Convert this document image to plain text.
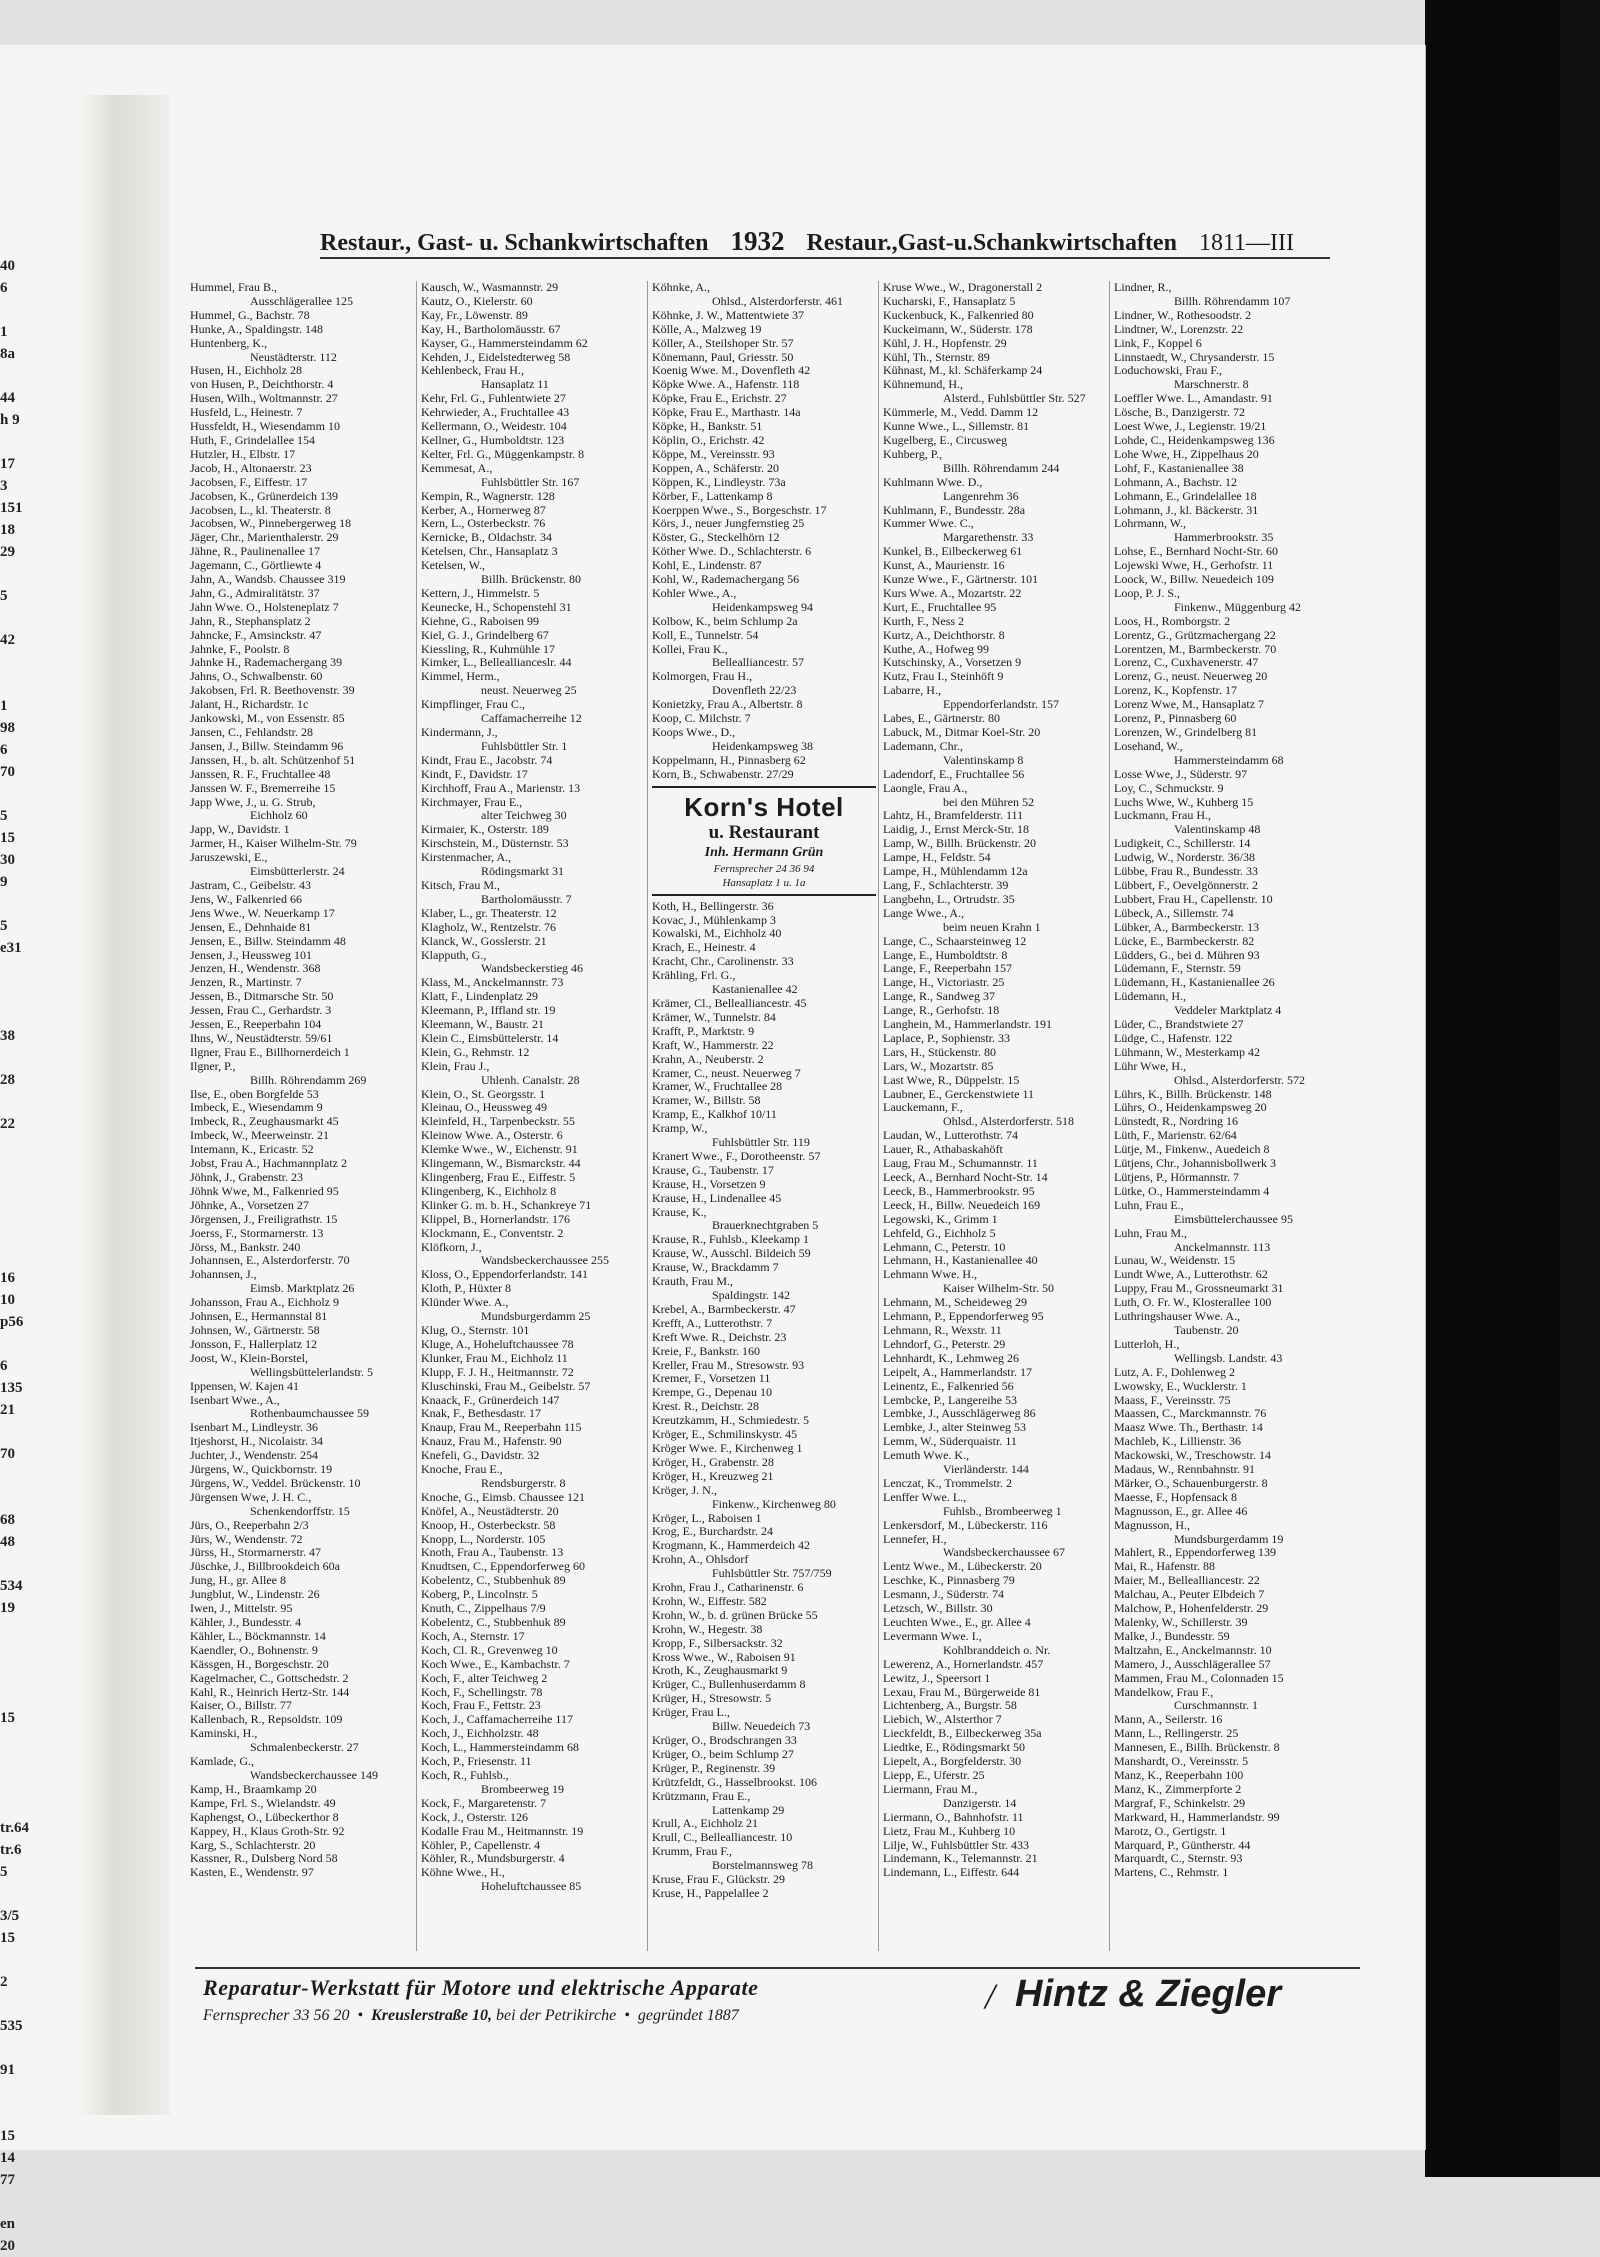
40
6
1
8a
44
h 9
17
3
151
18
29
5
42
1
98
6
70
5
15
30
9
5
e31
38
28
22
16
10
p56
6
135
21
70
68
48
534
19
15
tr.64
tr.6
5
3/5
15
2
535
91
15
14
77
en
20
Restaur., Gast- u. Schankwirtschaften 1932 Restaur.,Gast-u.Schankwirtschaften 1811—III
Hummel, Frau B.,
Ausschlägerallee 125
Hummel, G., Bachstr. 78
Hunke, A., Spaldingstr. 148
Huntenberg, K.,
Neustädterstr. 112
Husen, H., Eichholz 28
von Husen, P., Deichthorstr. 4
Husen, Wilh., Woltmannstr. 27
Husfeld, L., Heinestr. 7
Hussfeldt, H., Wiesendamm 10
Huth, F., Grindelallee 154
Hutzler, H., Elbstr. 17
Jacob, H., Altonaerstr. 23
Jacobsen, F., Eiffestr. 17
Jacobsen, K., Grünerdeich 139
Jacobsen, L., kl. Theaterstr. 8
Jacobsen, W., Pinnebergerweg 18
Jäger, Chr., Marienthalerstr. 29
Jähne, R., Paulinenallee 17
Jagemann, C., Görtliewte 4
Jahn, A., Wandsb. Chaussee 319
Jahn, G., Admiralitätstr. 37
Jahn Wwe. O., Holsteneplatz 7
Jahn, R., Stephansplatz 2
Jahncke, F., Amsinckstr. 47
Jahnke, F., Poolstr. 8
Jahnke H., Rademachergang 39
Jahns, O., Schwalbenstr. 60
Jakobsen, Frl. R. Beethovenstr. 39
Jalant, H., Richardstr. 1c
Jankowski, M., von Essenstr. 85
Jansen, C., Fehlandstr. 28
Jansen, J., Billw. Steindamm 96
Janssen, H., b. alt. Schützenhof 51
Janssen, R. F., Fruchtallee 48
Janssen W. F., Bremerreihe 15
Japp Wwe, J., u. G. Strub,
Eichholz 60
Japp, W., Davidstr. 1
Jarmer, H., Kaiser Wilhelm-Str. 79
Jaruszewski, E.,
Eimsbütterlerstr. 24
Jastram, C., Geibelstr. 43
Jens, W., Falkenried 66
Jens Wwe., W. Neuerkamp 17
Jensen, E., Dehnhaide 81
Jensen, E., Billw. Steindamm 48
Jensen, J., Heussweg 101
Jenzen, H., Wendenstr. 368
Jenzen, R., Martinstr. 7
Jessen, B., Ditmarsche Str. 50
Jessen, Frau C., Gerhardstr. 3
Jessen, E., Reeperbahn 104
Ihns, W., Neustädterstr. 59/61
Ilgner, Frau E., Billhornerdeich 1
Ilgner, P.,
Billh. Röhrendamm 269
Ilse, E., oben Borgfelde 53
Imbeck, E., Wiesendamm 9
Imbeck, R., Zeughausmarkt 45
Imbeck, W., Meerweinstr. 21
Intemann, K., Ericastr. 52
Jobst, Frau A., Hachmannplatz 2
Jöhnk, J., Grabenstr. 23
Jöhnk Wwe, M., Falkenried 95
Jöhnke, A., Vorsetzen 27
Jörgensen, J., Freiligrathstr. 15
Joerss, F., Stormarnerstr. 13
Jörss, M., Bankstr. 240
Johannsen, E., Alsterdorferstr. 70
Johannsen, J.,
Eimsb. Marktplatz 26
Johansson, Frau A., Eichholz 9
Johnsen, E., Hermannstal 81
Johnsen, W., Gärtnerstr. 58
Jonsson, F., Hallerplatz 12
Joost, W., Klein-Borstel,
Wellingsbüttelerlandstr. 5
Ippensen, W. Kajen 41
Isenbart Wwe., A.,
Rothenbaumchaussee 59
Isenbart M., Lindleystr. 36
Itjeshorst, H., Nicolaistr. 34
Juchter, J., Wendenstr. 254
Jürgens, W., Quickbornstr. 19
Jürgens, W., Veddel. Brückenstr. 10
Jürgensen Wwe, J. H. C.,
Schenkendorffstr. 15
Jürs, O., Reeperbahn 2/3
Jürs, W., Wendenstr. 72
Jürss, H., Stormarnerstr. 47
Jüschke, J., Billbrookdeich 60a
Jung, H., gr. Allee 8
Jungblut, W., Lindenstr. 26
Iwen, J., Mittelstr. 95
Kähler, J., Bundesstr. 4
Kähler, L., Böckmannstr. 14
Kaendler, O., Bohnenstr. 9
Kässgen, H., Borgeschstr. 20
Kagelmacher, C., Gottschedstr. 2
Kahl, R., Heinrich Hertz-Str. 144
Kaiser, O., Billstr. 77
Kallenbach, R., Repsoldstr. 109
Kaminski, H.,
Schmalenbeckerstr. 27
Kamlade, G.,
Wandsbeckerchaussee 149
Kamp, H., Braamkamp 20
Kampe, Frl. S., Wielandstr. 49
Kaphengst, O., Lübeckerthor 8
Kappey, H., Klaus Groth-Str. 92
Karg, S., Schlachterstr. 20
Kassner, R., Dulsberg Nord 58
Kasten, E., Wendenstr. 97
Kausch, W., Wasmannstr. 29
Kautz, O., Kielerstr. 60
Kay, Fr., Löwenstr. 89
Kay, H., Bartholomäusstr. 67
Kayser, G., Hammersteindamm 62
Kehden, J., Eidelstedterweg 58
Kehlenbeck, Frau H.,
Hansaplatz 11
Kehr, Frl. G., Fuhlentwiete 27
Kehrwieder, A., Fruchtallee 43
Kellermann, O., Weidestr. 104
Kellner, G., Humboldtstr. 123
Kelter, Frl. G., Müggenkampstr. 8
Kemmesat, A.,
Fuhlsbüttler Str. 167
Kempin, R., Wagnerstr. 128
Kerber, A., Hornerweg 87
Kern, L., Osterbeckstr. 76
Kernicke, B., Oldachstr. 34
Ketelsen, Chr., Hansaplatz 3
Ketelsen, W.,
Billh. Brückenstr. 80
Kettern, J., Himmelstr. 5
Keunecke, H., Schopenstehl 31
Kiehne, G., Raboisen 99
Kiel, G. J., Grindelberg 67
Kiessling, R., Kuhmühle 17
Kimker, L., Belleallianceslr. 44
Kimmel, Herm.,
neust. Neuerweg 25
Kimpflinger, Frau C.,
Caffamacherreihe 12
Kindermann, J.,
Fuhlsbüttler Str. 1
Kindt, Frau E., Jacobstr. 74
Kindt, F., Davidstr. 17
Kirchhoff, Frau A., Marienstr. 13
Kirchmayer, Frau E.,
alter Teichweg 30
Kirmaier, K., Osterstr. 189
Kirschstein, M., Düsternstr. 53
Kirstenmacher, A.,
Rödingsmarkt 31
Kitsch, Frau M.,
Bartholomäusstr. 7
Klaber, L., gr. Theaterstr. 12
Klagholz, W., Rentzelstr. 76
Klanck, W., Gosslerstr. 21
Klapputh, G.,
Wandsbeckerstieg 46
Klass, M., Anckelmannstr. 73
Klatt, F., Lindenplatz 29
Kleemann, P., Iffland str. 19
Kleemann, W., Baustr. 21
Klein C., Eimsbüttelerstr. 14
Klein, G., Rehmstr. 12
Klein, Frau J.,
Uhlenh. Canalstr. 28
Klein, O., St. Georgsstr. 1
Kleinau, O., Heussweg 49
Kleinfeld, H., Tarpenbeckstr. 55
Kleinow Wwe. A., Osterstr. 6
Klemke Wwe., W., Eichenstr. 91
Klingemann, W., Bismarckstr. 44
Klingenberg, Frau E., Eiffestr. 5
Klingenberg, K., Eichholz 8
Klinker G. m. b. H., Schankreye 71
Klippel, B., Hornerlandstr. 176
Klockmann, E., Conventstr. 2
Klöfkorn, J.,
Wandsbeckerchaussee 255
Kloss, O., Eppendorferlandstr. 141
Kloth, P., Hüxter 8
Klünder Wwe. A.,
Mundsburgerdamm 25
Klug, O., Sternstr. 101
Kluge, A., Hoheluftchaussee 78
Klunker, Frau M., Eichholz 11
Klupp, F. J. H., Heitmannstr. 72
Kluschinski, Frau M., Geibelstr. 57
Knaack, F., Grünerdeich 147
Knak, F., Bethesdastr. 17
Knaup, Frau M., Reeperbahn 115
Knauz, Frau M., Hafenstr. 90
Knefeli, G., Davidstr. 32
Knoche, Frau E.,
Rendsburgerstr. 8
Knoche, G., Eimsb. Chaussee 121
Knöfel, A., Neustädterstr. 20
Knoop, H., Osterbeckstr. 58
Knopp, L., Norderstr. 105
Knoth, Frau A., Taubenstr. 13
Knudtsen, C., Eppendorferweg 60
Kobelentz, C., Stubbenhuk 89
Koberg, P., Lincolnstr. 5
Knuth, C., Zippelhaus 7/9
Kobelentz, C., Stubbenhuk 89
Koch, A., Sternstr. 17
Koch, Cl. R., Grevenweg 10
Koch Wwe., E., Kambachstr. 7
Koch, F., alter Teichweg 2
Koch, F., Schellingstr. 78
Koch, Frau F., Fettstr. 23
Koch, J., Caffamacherreihe 117
Koch, J., Eichholzstr. 48
Koch, L., Hammersteindamm 68
Koch, P., Friesenstr. 11
Koch, R., Fuhlsb.,
Brombeerweg 19
Kock, F., Margaretenstr. 7
Kock, J., Osterstr. 126
Kodalle Frau M., Heitmannstr. 19
Köhler, P., Capellenstr. 4
Köhler, R., Mundsburgerstr. 4
Köhne Wwe., H.,
Hoheluftchaussee 85
Köhnke, A.,
Ohlsd., Alsterdorferstr. 461
Köhnke, J. W., Mattentwiete 37
Kölle, A., Malzweg 19
Köller, A., Steilshoper Str. 57
Könemann, Paul, Griesstr. 50
Koenig Wwe. M., Dovenfleth 42
Köpke Wwe. A., Hafenstr. 118
Köpke, Frau E., Erichstr. 27
Köpke, Frau E., Marthastr. 14a
Köpke, H., Bankstr. 51
Köplin, O., Erichstr. 42
Köppe, M., Vereinsstr. 93
Koppen, A., Schäferstr. 20
Köppen, K., Lindleystr. 73a
Körber, F., Lattenkamp 8
Koerppen Wwe., S., Borgeschstr. 17
Körs, J., neuer Jungfernstieg 25
Köster, G., Steckelhörn 12
Köther Wwe. D., Schlachterstr. 6
Kohl, E., Lindenstr. 87
Kohl, W., Rademachergang 56
Kohler Wwe., A.,
Heidenkampsweg 94
Kolbow, K., beim Schlump 2a
Koll, E., Tunnelstr. 54
Kollei, Frau K.,
Bellealliancestr. 57
Kolmorgen, Frau H.,
Dovenfleth 22/23
Konietzky, Frau A., Albertstr. 8
Koop, C. Milchstr. 7
Koops Wwe., D.,
Heidenkampsweg 38
Koppelmann, H., Pinnasberg 62
Korn, B., Schwabenstr. 27/29
Korn's Hotel
u. Restaurant
Inh. Hermann Grün
Fernsprecher 24 36 94
Hansaplatz 1 u. 1a
Koth, H., Bellingerstr. 36
Kovac, J., Mühlenkamp 3
Kowalski, M., Eichholz 40
Krach, E., Heinestr. 4
Kracht, Chr., Carolinenstr. 33
Krähling, Frl. G.,
Kastanienallee 42
Krämer, Cl., Bellealliancestr. 45
Krämer, W., Tunnelstr. 84
Krafft, P., Marktstr. 9
Kraft, W., Hammerstr. 22
Krahn, A., Neuberstr. 2
Kramer, C., neust. Neuerweg 7
Kramer, W., Fruchtallee 28
Kramer, W., Billstr. 58
Kramp, E., Kalkhof 10/11
Kramp, W.,
Fuhlsbüttler Str. 119
Kranert Wwe., F., Dorotheenstr. 57
Krause, G., Taubenstr. 17
Krause, H., Vorsetzen 9
Krause, H., Lindenallee 45
Krause, K.,
Brauerknechtgraben 5
Krause, R., Fuhlsb., Kleekamp 1
Krause, W., Ausschl. Bildeich 59
Krause, W., Brackdamm 7
Krauth, Frau M.,
Spaldingstr. 142
Krebel, A., Barmbeckerstr. 47
Krefft, A., Lutterothstr. 7
Kreft Wwe. R., Deichstr. 23
Kreie, F., Bankstr. 160
Kreller, Frau M., Stresowstr. 93
Kremer, F., Vorsetzen 11
Krempe, G., Depenau 10
Krest. R., Deichstr. 28
Kreutzkamm, H., Schmiedestr. 5
Kröger, E., Schmilinskystr. 45
Kröger Wwe. F., Kirchenweg 1
Kröger, H., Grabenstr. 28
Kröger, H., Kreuzweg 21
Kröger, J. N.,
Finkenw., Kirchenweg 80
Kröger, L., Raboisen 1
Krog, E., Burchardstr. 24
Krogmann, K., Hammerdeich 42
Krohn, A., Ohlsdorf
Fuhlsbüttler Str. 757/759
Krohn, Frau J., Catharinenstr. 6
Krohn, W., Eiffestr. 582
Krohn, W., b. d. grünen Brücke 55
Krohn, W., Hegestr. 38
Kropp, F., Silbersackstr. 32
Kross Wwe., W., Raboisen 91
Kroth, K., Zeughausmarkt 9
Krüger, C., Bullenhuserdamm 8
Krüger, H., Stresowstr. 5
Krüger, Frau L.,
Billw. Neuedeich 73
Krüger, O., Brodschrangen 33
Krüger, O., beim Schlump 27
Krüger, P., Reginenstr. 39
Krützfeldt, G., Hasselbrookst. 106
Krützmann, Frau E.,
Lattenkamp 29
Krull, A., Eichholz 21
Krull, C., Bellealliancestr. 10
Krumm, Frau F.,
Borstelmannsweg 78
Kruse, Frau F., Glückstr. 29
Kruse, H., Pappelallee 2
Kruse Wwe., W., Dragonerstall 2
Kucharski, F., Hansaplatz 5
Kuckenbuck, K., Falkenried 80
Kuckeimann, W., Süderstr. 178
Kühl, J. H., Hopfenstr. 29
Kühl, Th., Sternstr. 89
Kühnast, M., kl. Schäferkamp 24
Kühnemund, H.,
Alsterd., Fuhlsbüttler Str. 527
Kümmerle, M., Vedd. Damm 12
Kunne Wwe., L., Sillemstr. 81
Kugelberg, E., Circusweg
Kuhberg, P.,
Billh. Röhrendamm 244
Kuhlmann Wwe. D.,
Langenrehm 36
Kuhlmann, F., Bundesstr. 28a
Kummer Wwe. C.,
Margarethenstr. 33
Kunkel, B., Eilbeckerweg 61
Kunst, A., Maurienstr. 16
Kunze Wwe., F., Gärtnerstr. 101
Kurs Wwe. A., Mozartstr. 22
Kurt, E., Fruchtallee 95
Kurth, F., Ness 2
Kurtz, A., Deichthorstr. 8
Kuthe, A., Hofweg 99
Kutschinsky, A., Vorsetzen 9
Kutz, Frau I., Steinhöft 9
Labarre, H.,
Eppendorferlandstr. 157
Labes, E., Gärtnerstr. 80
Labuck, M., Ditmar Koel-Str. 20
Lademann, Chr.,
Valentinskamp 8
Ladendorf, E., Fruchtallee 56
Laongle, Frau A.,
bei den Mühren 52
Lahtz, H., Bramfelderstr. 111
Laidig, J., Ernst Merck-Str. 18
Lamp, W., Billh. Brückenstr. 20
Lampe, H., Feldstr. 54
Lampe, H., Mühlendamm 12a
Lang, F., Schlachterstr. 39
Langbehn, L., Ortrudstr. 35
Lange Wwe., A.,
beim neuen Krahn 1
Lange, C., Schaarsteinweg 12
Lange, E., Humboldtstr. 8
Lange, F., Reeperbahn 157
Lange, H., Victoriastr. 25
Lange, R., Sandweg 37
Lange, R., Gerhofstr. 18
Langhein, M., Hammerlandstr. 191
Laplace, P., Sophienstr. 33
Lars, H., Stückenstr. 80
Lars, W., Mozartstr. 85
Last Wwe, R., Düppelstr. 15
Laubner, E., Gerckenstwiete 11
Lauckemann, F.,
Ohlsd., Alsterdorferstr. 518
Laudan, W., Lutterothstr. 74
Lauer, R., Athabaskahöft
Laug, Frau M., Schumannstr. 11
Leeck, A., Bernhard Nocht-Str. 14
Leeck, B., Hammerbrookstr. 95
Leeck, H., Billw. Neuedeich 169
Legowski, K., Grimm 1
Lehfeld, G., Eichholz 5
Lehmann, C., Peterstr. 10
Lehmann, H., Kastanienallee 40
Lehmann Wwe. H.,
Kaiser Wilhelm-Str. 50
Lehmann, M., Scheideweg 29
Lehmann, P., Eppendorferweg 95
Lehmann, R., Wexstr. 11
Lehndorf, G., Peterstr. 29
Lehnhardt, K., Lehmweg 26
Leipelt, A., Hammerlandstr. 17
Leinentz, E., Falkenried 56
Lembcke, P., Langereihe 53
Lembke, J., Ausschlägerweg 86
Lembke, J., alter Steinweg 53
Lemm, W., Süderquaistr. 11
Lemuth Wwe. K.,
Vierländerstr. 144
Lenczat, K., Trommelstr. 2
Lenffer Wwe. L.,
Fuhlsb., Brombeerweg 1
Lenkersdorf, M., Lübeckerstr. 116
Lennefer, H.,
Wandsbeckerchaussee 67
Lentz Wwe., M., Lübeckerstr. 20
Leschke, K., Pinnasberg 79
Lesmann, J., Süderstr. 74
Letzsch, W., Billstr. 30
Leuchten Wwe., E., gr. Allee 4
Levermann Wwe. I.,
Kohlbranddeich o. Nr.
Lewerenz, A., Hornerlandstr. 457
Lewitz, J., Speersort 1
Lexau, Frau M., Bürgerweide 81
Lichtenberg, A., Burgstr. 58
Liebich, W., Alsterthor 7
Lieckfeldt, B., Eilbeckerweg 35a
Liedtke, E., Rödingsmarkt 50
Liepelt, A., Borgfelderstr. 30
Liepp, E., Uferstr. 25
Liermann, Frau M.,
Danzigerstr. 14
Liermann, O., Bahnhofstr. 11
Lietz, Frau M., Kuhberg 10
Lilje, W., Fuhlsbüttler Str. 433
Lindemann, K., Telemannstr. 21
Lindemann, L., Eiffestr. 644
Lindner, R.,
Billh. Röhrendamm 107
Lindner, W., Rothesoodstr. 2
Lindtner, W., Lorenzstr. 22
Link, F., Koppel 6
Linnstaedt, W., Chrysanderstr. 15
Loduchowski, Frau F.,
Marschnerstr. 8
Loeffler Wwe. L., Amandastr. 91
Lösche, B., Danzigerstr. 72
Loest Wwe, J., Legienstr. 19/21
Lohde, C., Heidenkampsweg 136
Lohe Wwe, H., Zippelhaus 20
Lohf, F., Kastanienallee 38
Lohmann, A., Bachstr. 12
Lohmann, E., Grindelallee 18
Lohmann, J., kl. Bäckerstr. 31
Lohrmann, W.,
Hammerbrookstr. 35
Lohse, E., Bernhard Nocht-Str. 60
Lojewski Wwe, H., Gerhofstr. 11
Loock, W., Billw. Neuedeich 109
Loop, P. J. S.,
Finkenw., Müggenburg 42
Loos, H., Romborgstr. 2
Lorentz, G., Grützmachergang 22
Lorentzen, M., Barmbeckerstr. 70
Lorenz, C., Cuxhavenerstr. 47
Lorenz, G., neust. Neuerweg 20
Lorenz, K., Kopfenstr. 17
Lorenz Wwe, M., Hansaplatz 7
Lorenz, P., Pinnasberg 60
Lorenzen, W., Grindelberg 81
Losehand, W.,
Hammersteindamm 68
Losse Wwe, J., Süderstr. 97
Loy, C., Schmuckstr. 9
Luchs Wwe, W., Kuhberg 15
Luckmann, Frau H.,
Valentinskamp 48
Ludigkeit, C., Schillerstr. 14
Ludwig, W., Norderstr. 36/38
Lübbe, Frau R., Bundesstr. 33
Lübbert, F., Oevelgönnerstr. 2
Lubbert, Frau H., Capellenstr. 10
Lübeck, A., Sillemstr. 74
Lübker, A., Barmbeckerstr. 13
Lücke, E., Barmbeckerstr. 82
Lüdders, G., bei d. Mühren 93
Lüdemann, F., Sternstr. 59
Lüdemann, H., Kastanienallee 26
Lüdemann, H.,
Veddeler Marktplatz 4
Lüder, C., Brandstwiete 27
Lüdge, C., Hafenstr. 122
Lühmann, W., Mesterkamp 42
Lühr Wwe, H.,
Ohlsd., Alsterdorferstr. 572
Lührs, K., Billh. Brückenstr. 148
Lührs, O., Heidenkampsweg 20
Lünstedt, R., Nordring 16
Lüth, F., Marienstr. 62/64
Lütje, M., Finkenw., Auedeich 8
Lütjens, Chr., Johannisbollwerk 3
Lütjens, P., Hörmannstr. 7
Lütke, O., Hammersteindamm 4
Luhn, Frau E.,
Eimsbüttelerchaussee 95
Luhn, Frau M.,
Anckelmannstr. 113
Lunau, W., Weidenstr. 15
Lundt Wwe, A., Lutterothstr. 62
Luppy, Frau M., Grossneumarkt 31
Luth, O. Fr. W., Klosterallee 100
Luthringshauser Wwe. A.,
Taubenstr. 20
Lutterloh, H.,
Wellingsb. Landstr. 43
Lutz, A. F., Dohlenweg 2
Lwowsky, E., Wucklerstr. 1
Maass, F., Vereinsstr. 75
Maassen, C., Marckmannstr. 76
Maasz Wwe. Th., Berthastr. 14
Machleb, K., Lillienstr. 36
Mackowski, W., Treschowstr. 14
Madaus, W., Rennbahnstr. 91
Märker, O., Schauenburgerstr. 8
Maesse, F., Hopfensack 8
Magnusson, E., gr. Allee 46
Magnusson, H.,
Mundsburgerdamm 19
Mahlert, R., Eppendorferweg 139
Mai, R., Hafenstr. 88
Maier, M., Bellealliancestr. 22
Malchau, A., Peuter Elbdeich 7
Malchow, P., Hohenfelderstr. 29
Malenky, W., Schillerstr. 39
Malke, J., Bundesstr. 59
Maltzahn, E., Anckelmannstr. 10
Mamero, J., Ausschlägerallee 57
Mammen, Frau M., Colonnaden 15
Mandelkow, Frau F.,
Curschmannstr. 1
Mann, A., Seilerstr. 16
Mann, L., Rellingerstr. 25
Mannesen, E., Billh. Brückenstr. 8
Manshardt, O., Vereinsstr. 5
Manz, K., Reeperbahn 100
Manz, K., Zimmerpforte 2
Margraf, F., Schinkelstr. 29
Markward, H., Hammerlandstr. 99
Marotz, O., Gertigstr. 1
Marquard, P., Güntherstr. 44
Marquardt, C., Sternstr. 93
Martens, C., Rehmstr. 1
Reparatur-Werkstatt für Motore und elektrische Apparate
Fernsprecher 33 56 20  •  Kreuslerstraße 10, bei der Petrikirche  •  gegründet 1887	/ Hintz & Ziegler
